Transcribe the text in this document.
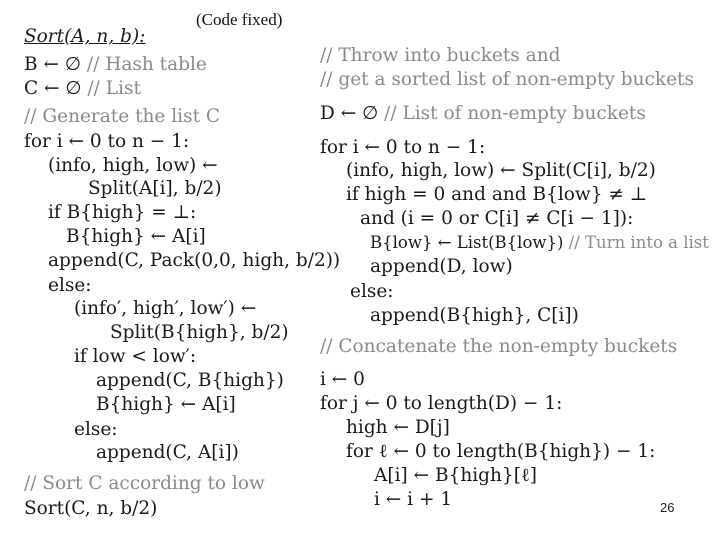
(Code fixed)
Sort(A, n, b):
B ← ∅ // Hash table
C ← ∅ // List
// Generate the list C
for i ← 0 to n − 1:
(info, high, low) ←
Split(A[i], b/2)
if B{high} = ⊥:
B{high} ← A[i]
append(C, Pack(0,0, high, b/2))
else:
(info′, high′, low′) ←
Split(B{high}, b/2)
if low < low′:
append(C, B{high})
B{high} ← A[i]
else:
append(C, A[i])
// Sort C according to low
Sort(C, n, b/2)
// Throw into buckets and
// get a sorted list of non-empty buckets
D ← ∅ // List of non-empty buckets
for i ← 0 to n − 1:
(info, high, low) ← Split(C[i], b/2)
if high = 0 and and B{low} ≠ ⊥
and (i = 0 or C[i] ≠ C[i − 1]):
B{low} ← List(B{low}) // Turn into a list
append(D, low)
else:
append(B{high}, C[i])
// Concatenate the non-empty buckets
i ← 0
for j ← 0 to length(D) − 1:
high ← D[j]
for ℓ ← 0 to length(B{high}) − 1:
A[i] ← B{high}[ℓ]
i ← i + 1	26
